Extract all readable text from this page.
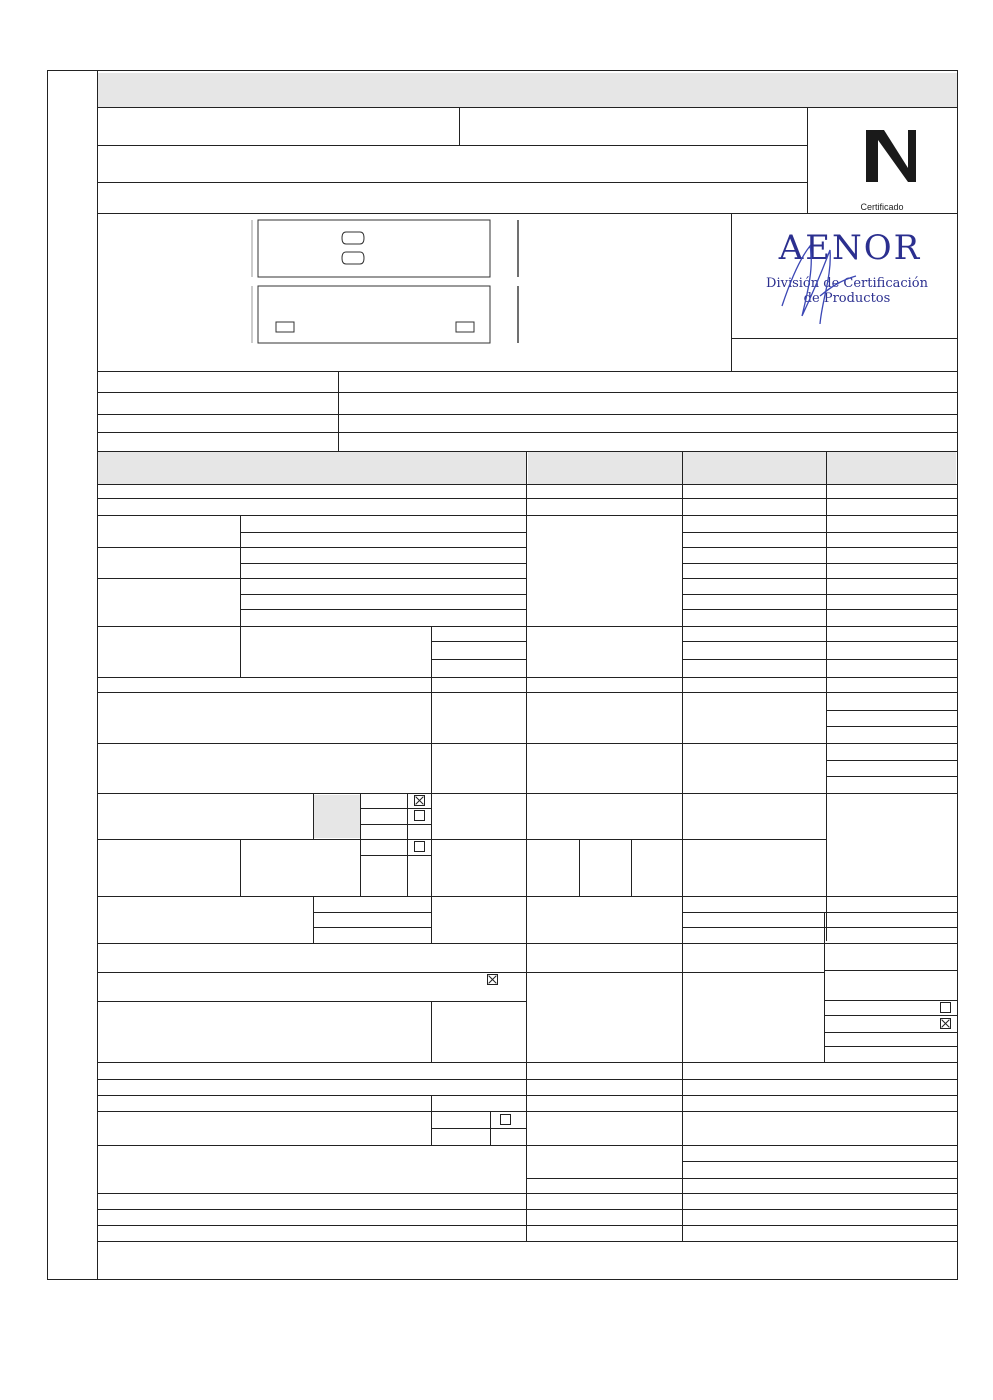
Certificado
AENOR
División de Certificación
de Productos
